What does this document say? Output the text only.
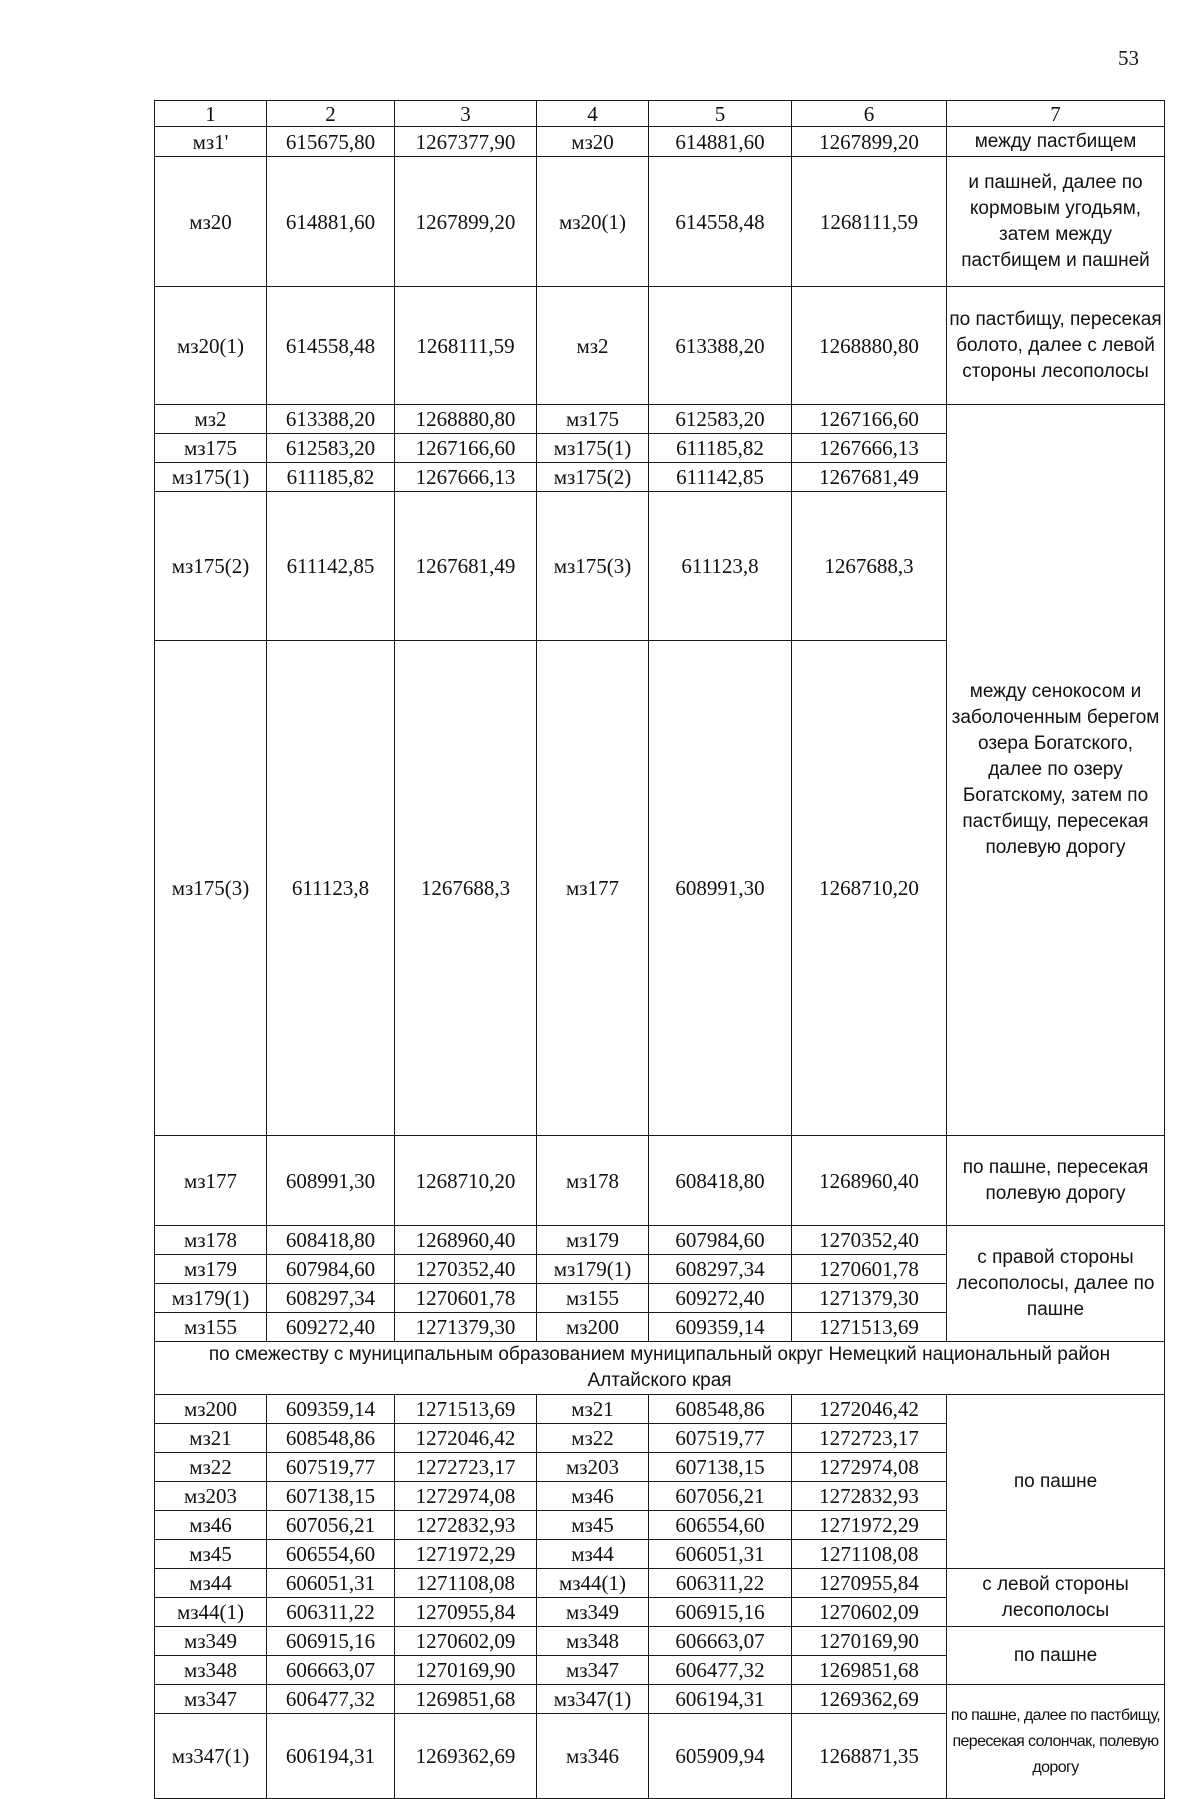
53
1	2	3	4	5	6	7	
мз1'	615675,80	1267377,90	мз20	614881,60	1267899,20	между пастбищем	
мз20	614881,60	1267899,20	мз20(1)	614558,48	1268111,59	и пашней, далее по кормовым угодьям, затем между пастбищем и пашней	
мз20(1)	614558,48	1268111,59	мз2	613388,20	1268880,80	по пастбищу, пересекая болото, далее с левой стороны лесополосы	
мз2	613388,20	1268880,80	мз175	612583,20	1267166,60	между сенокосом и заболоченным берегом озера Богатского, далее по озеру Богатскому, затем по пастбищу, пересекая полевую дорогу	
мз175	612583,20	1267166,60	мз175(1)	611185,82	1267666,13		
мз175(1)	611185,82	1267666,13	мз175(2)	611142,85	1267681,49		
мз175(2)	611142,85	1267681,49	мз175(3)	611123,8	1267688,3		
мз175(3)	611123,8	1267688,3	мз177	608991,30	1268710,20	
мз177	608991,30	1268710,20	мз178	608418,80	1268960,40	по пашне, пересекая полевую дорогу	
мз178	608418,80	1268960,40	мз179	607984,60	1270352,40	с правой стороны лесополосы, далее по пашне	
мз179	607984,60	1270352,40	мз179(1)	608297,34	1270601,78		
мз179(1)	608297,34	1270601,78	мз155	609272,40	1271379,30		
мз155	609272,40	1271379,30	мз200	609359,14	1271513,69		
по смежеству с муниципальным образованием муниципальный округ Немецкий национальный район Алтайского края							
мз200	609359,14	1271513,69	мз21	608548,86	1272046,42	по пашне	
мз21	608548,86	1272046,42	мз22	607519,77	1272723,17		
мз22	607519,77	1272723,17	мз203	607138,15	1272974,08		
мз203	607138,15	1272974,08	мз46	607056,21	1272832,93		
мз46	607056,21	1272832,93	мз45	606554,60	1271972,29		
мз45	606554,60	1271972,29	мз44	606051,31	1271108,08		
мз44	606051,31	1271108,08	мз44(1)	606311,22	1270955,84	с левой стороны лесополосы	
мз44(1)	606311,22	1270955,84	мз349	606915,16	1270602,09		
мз349	606915,16	1270602,09	мз348	606663,07	1270169,90	по пашне	
мз348	606663,07	1270169,90	мз347	606477,32	1269851,68		
мз347	606477,32	1269851,68	мз347(1)	606194,31	1269362,69	по пашне, далее по пастбищу, пересекая солончак, полевую дорогу	
мз347(1)	606194,31	1269362,69	мз346	605909,94	1268871,35		
